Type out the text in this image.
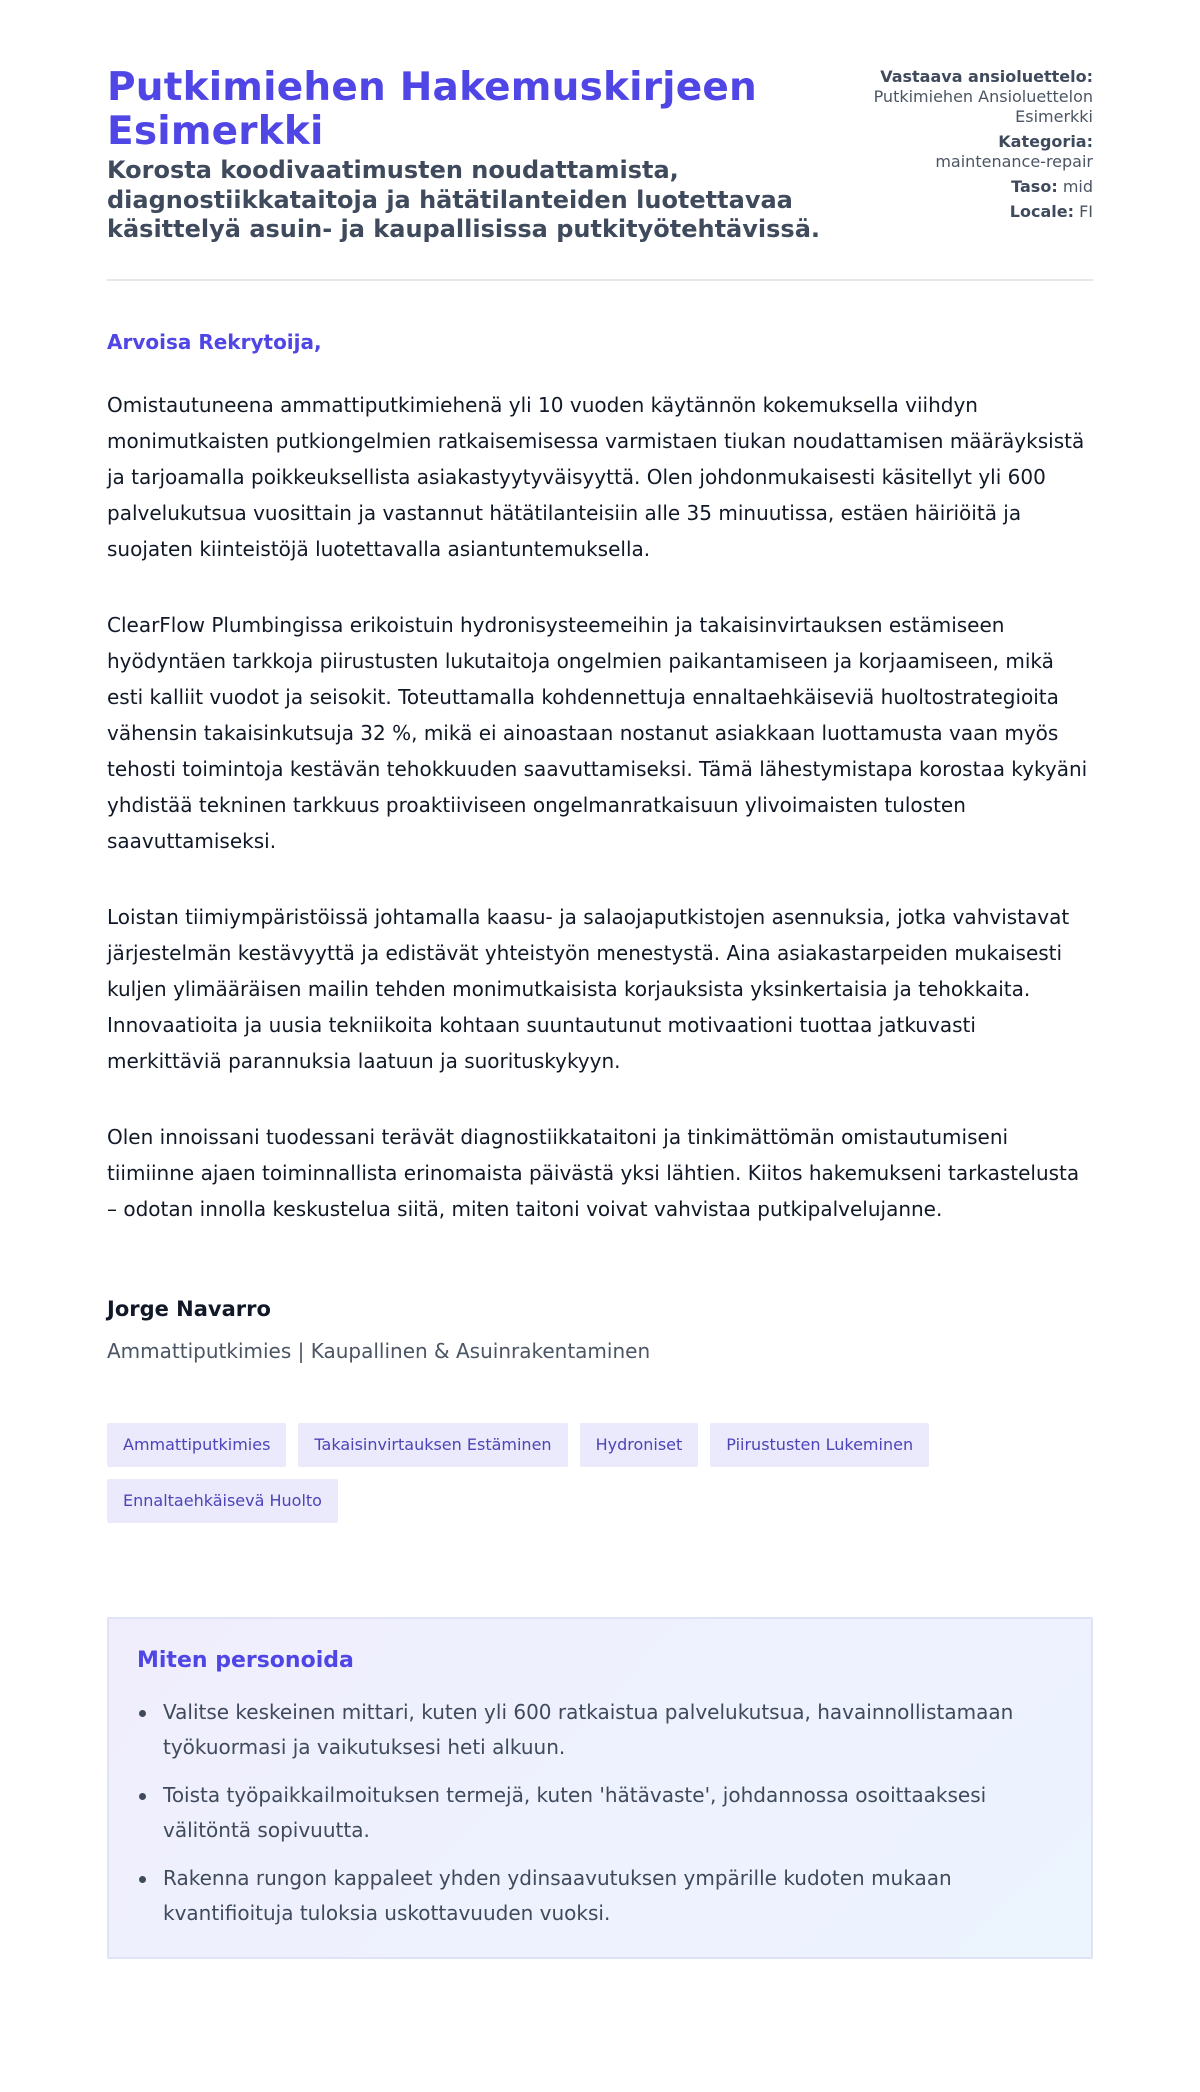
Putkimiehen Hakemuskirjeen Esimerkki
Korosta koodivaatimusten noudattamista, diagnostiikkataitoja ja hätätilanteiden luotettavaa käsittelyä asuin- ja kaupallisissa putkityötehtävissä.
Vastaava ansioluettelo:
Putkimiehen Ansioluettelon Esimerkki
Kategoria:
maintenance-repair
Taso: mid
Locale: FI

Arvoisa Rekrytoija,

Omistautuneena ammattiputkimiehenä yli 10 vuoden käytännön kokemuksella viihdyn monimutkaisten putkiongelmien ratkaisemisessa varmistaen tiukan noudattamisen määräyksistä ja tarjoamalla poikkeuksellista asiakastyytyväisyyttä. Olen johdonmukaisesti käsitellyt yli 600 palvelukutsua vuosittain ja vastannut hätätilanteisiin alle 35 minuutissa, estäen häiriöitä ja suojaten kiinteistöjä luotettavalla asiantuntemuksella.

ClearFlow Plumbingissa erikoistuin hydronisysteemeihin ja takaisinvirtauksen estämiseen hyödyntäen tarkkoja piirustusten lukutaitoja ongelmien paikantamiseen ja korjaamiseen, mikä esti kalliit vuodot ja seisokit. Toteuttamalla kohdennettuja ennaltaehkäiseviä huoltostrategioita vähensin takaisinkutsuja 32 %, mikä ei ainoastaan nostanut asiakkaan luottamusta vaan myös tehosti toimintoja kestävän tehokkuuden saavuttamiseksi. Tämä lähestymistapa korostaa kykyäni yhdistää tekninen tarkkuus proaktiiviseen ongelmanratkaisuun ylivoimaisten tulosten saavuttamiseksi.

Loistan tiimiympäristöissä johtamalla kaasu- ja salaojaputkistojen asennuksia, jotka vahvistavat järjestelmän kestävyyttä ja edistävät yhteistyön menestystä. Aina asiakastarpeiden mukaisesti kuljen ylimääräisen mailin tehden monimutkaisista korjauksista yksinkertaisia ja tehokkaita. Innovaatioita ja uusia tekniikoita kohtaan suuntautunut motivaationi tuottaa jatkuvasti merkittäviä parannuksia laatuun ja suorituskykyyn.

Olen innoissani tuodessani terävät diagnostiikkataitoni ja tinkimättömän omistautumiseni tiimiinne ajaen toiminnallista erinomaista päivästä yksi lähtien. Kiitos hakemukseni tarkastelusta – odotan innolla keskustelua siitä, miten taitoni voivat vahvistaa putkipalvelujanne.

Jorge Navarro
Ammattiputkimies | Kaupallinen & Asuinrakentaminen
Ammattiputkimies	Takaisinvirtauksen Estäminen	Hydroniset	Piirustusten Lukeminen
Ennaltaehkäisevä Huolto
Miten personoida
Valitse keskeinen mittari, kuten yli 600 ratkaistua palvelukutsua, havainnollistamaan työkuormasi ja vaikutuksesi heti alkuun.
Toista työpaikkailmoituksen termejä, kuten 'hätävaste', johdannossa osoittaaksesi välitöntä sopivuutta.
Rakenna rungon kappaleet yhden ydinsaavutuksen ympärille kudoten mukaan kvantifioituja tuloksia uskottavuuden vuoksi.
